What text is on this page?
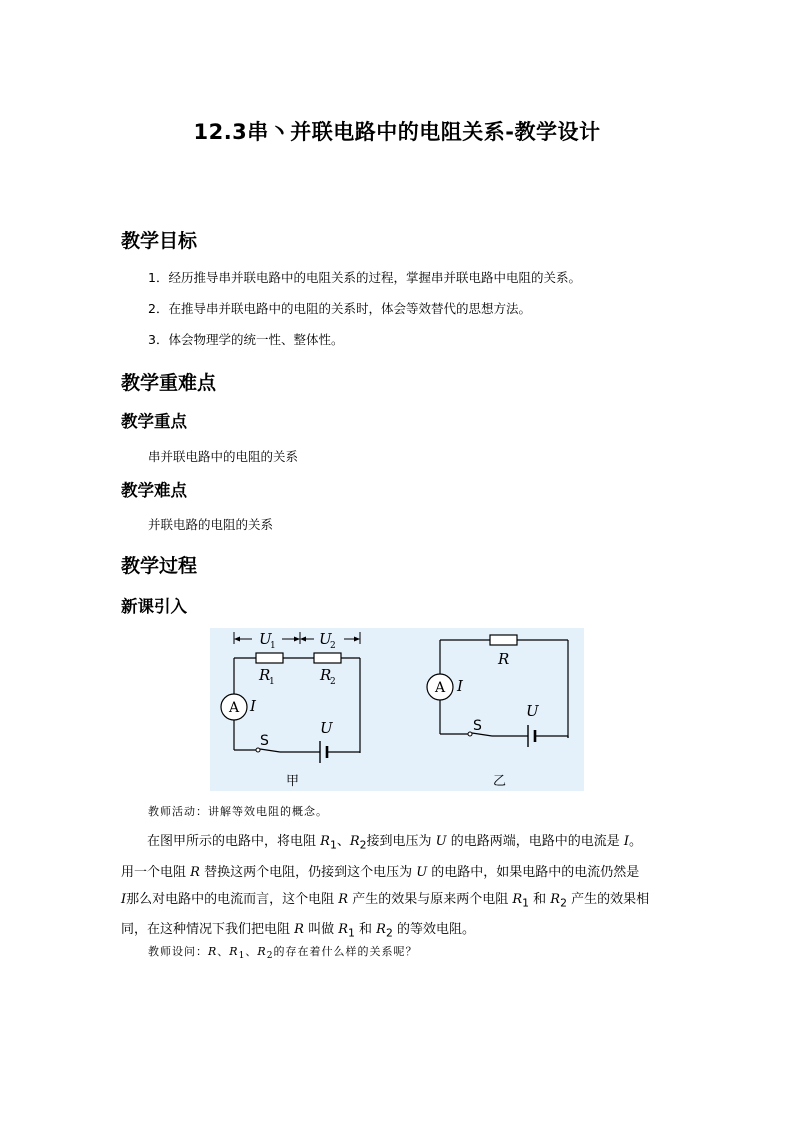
12.3串丶并联电路中的电阻关系-教学设计
教学目标
1．经历推导串并联电路中的电阻关系的过程，掌握串并联电路中电阻的关系。
2．在推导串并联电路中的电阻的关系时，体会等效替代的思想方法。
3．体会物理学的统一性、整体性。
教学重难点
教学重点
串并联电路中的电阻的关系
教学难点
并联电路的电阻的关系
教学过程
新课引入
U
1	U
2
R
1	R
2
A I
S
U
甲
R
A I
S
U
乙
教师活动：讲解等效电阻的概念。
在图甲所示的电路中，将电阻 $R_1$、$R_2$接到电压为 U 的电路两端，电路中的电流是 I。
用一个电阻 R 替换这两个电阻，仍接到这个电压为 U 的电路中，如果电路中的电流仍然是
I那么对电路中的电流而言，这个电阻 R 产生的效果与原来两个电阻 $R_1$ 和 $R_2$ 产生的效果相
同，在这种情况下我们把电阻 R 叫做 $R_1$ 和 $R_2$ 的等效电阻。
教师设问：R、$R_1$、$R_2$的存在着什么样的关系呢？
